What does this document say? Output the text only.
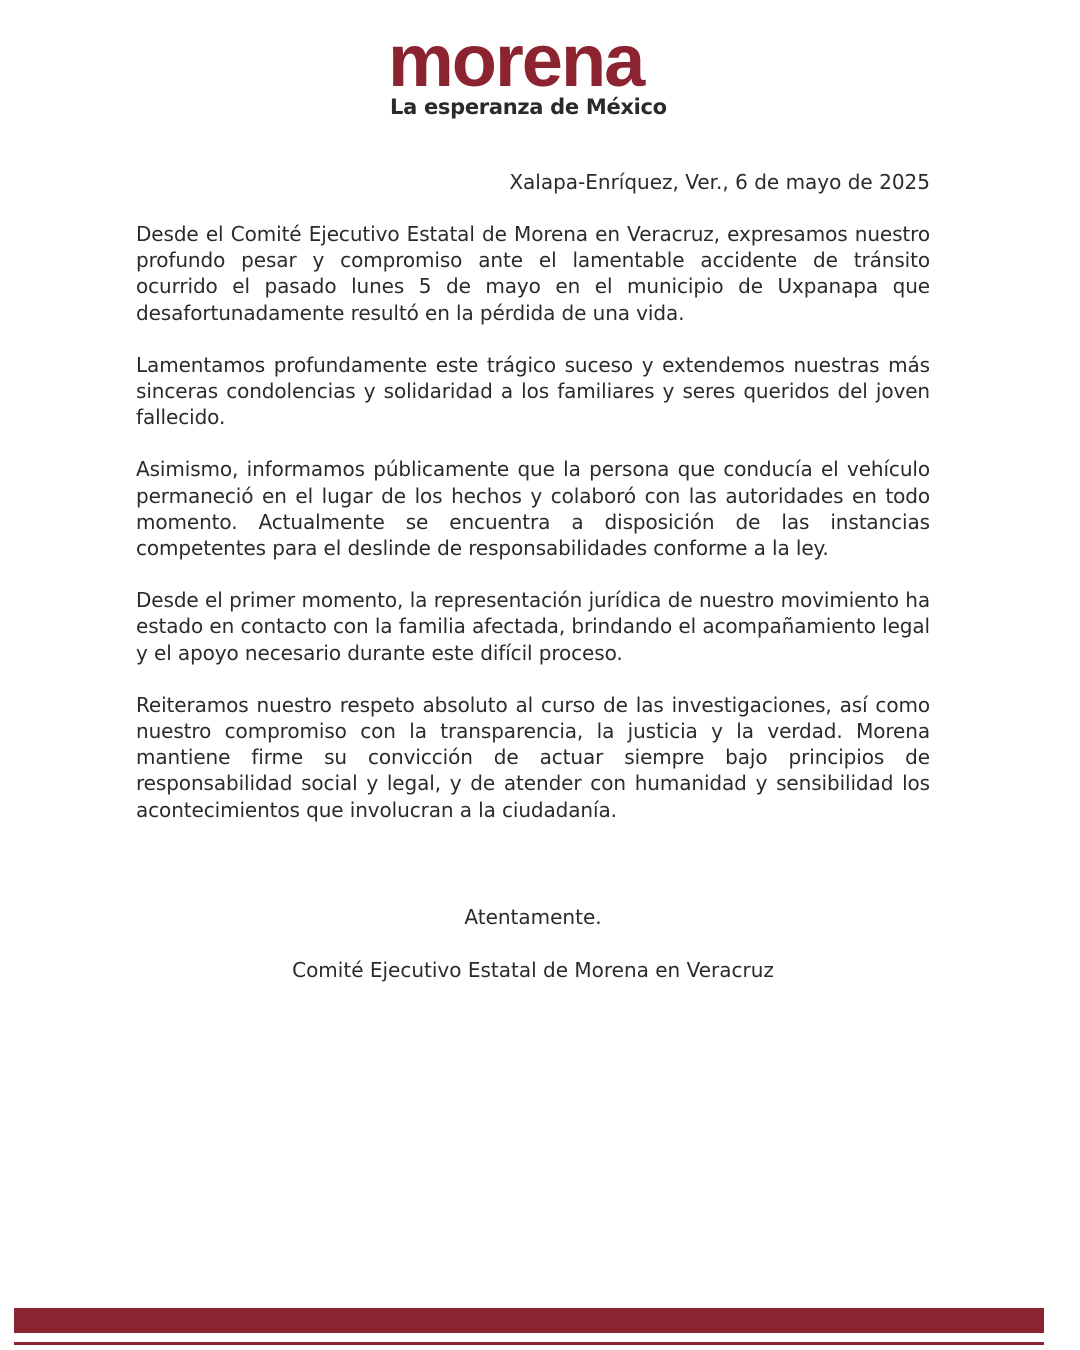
morena

La esperanza de México

Xalapa-Enríquez, Ver., 6 de mayo de 2025

Desde el Comité Ejecutivo Estatal de Morena en Veracruz, expresamos nuestro profundo pesar y compromiso ante el lamentable accidente de tránsito ocurrido el pasado lunes 5 de mayo en el municipio de Uxpanapa que desafortunadamente resultó en la pérdida de una vida.

Lamentamos profundamente este trágico suceso y extendemos nuestras más sinceras condolencias y solidaridad a los familiares y seres queridos del joven fallecido.

Asimismo, informamos públicamente que la persona que conducía el vehículo permaneció en el lugar de los hechos y colaboró con las autoridades en todo momento. Actualmente se encuentra a disposición de las instancias competentes para el deslinde de responsabilidades conforme a la ley.

Desde el primer momento, la representación jurídica de nuestro movimiento ha estado en contacto con la familia afectada, brindando el acompañamiento legal y el apoyo necesario durante este difícil proceso.

Reiteramos nuestro respeto absoluto al curso de las investigaciones, así como nuestro compromiso con la transparencia, la justicia y la verdad. Morena mantiene firme su convicción de actuar siempre bajo principios de responsabilidad social y legal, y de atender con humanidad y sensibilidad los acontecimientos que involucran a la ciudadanía.

Atentamente.
Comité Ejecutivo Estatal de Morena en Veracruz
